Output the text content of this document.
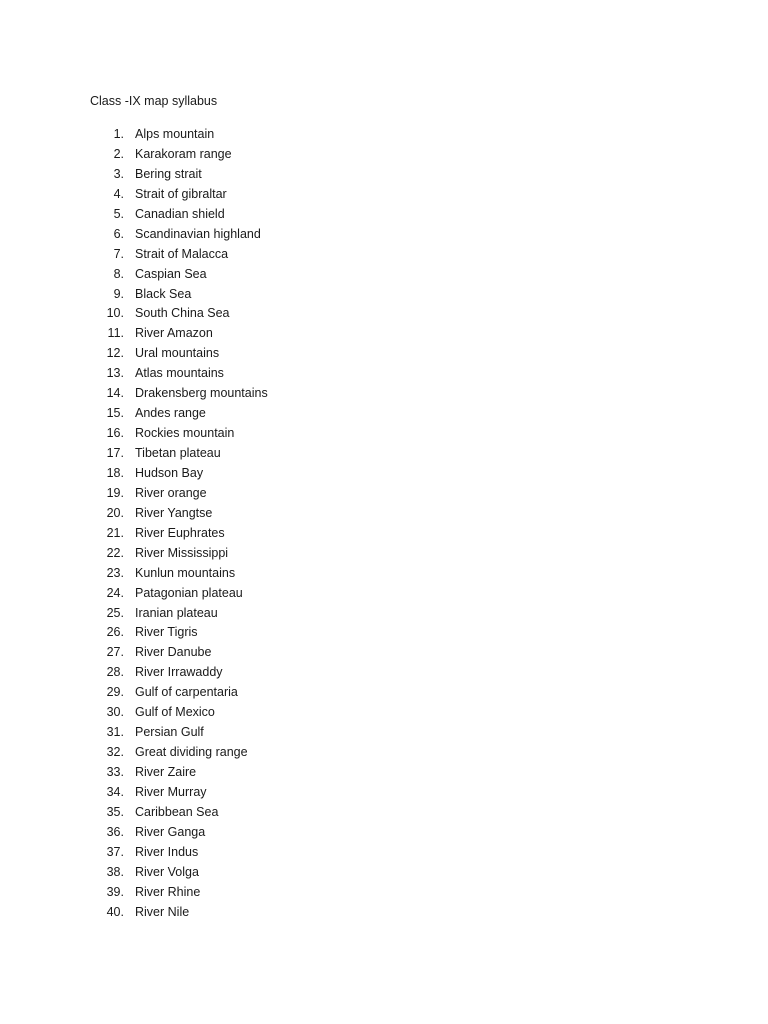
Class -IX map syllabus
1. Alps mountain
2. Karakoram range
3. Bering strait
4. Strait of gibraltar
5. Canadian shield
6. Scandinavian highland
7. Strait of Malacca
8. Caspian Sea
9. Black Sea
10. South China Sea
11. River Amazon
12. Ural mountains
13. Atlas mountains
14. Drakensberg mountains
15. Andes range
16. Rockies mountain
17. Tibetan plateau
18. Hudson Bay
19. River orange
20. River Yangtse
21. River Euphrates
22. River Mississippi
23. Kunlun mountains
24. Patagonian plateau
25. Iranian plateau
26. River Tigris
27. River Danube
28. River Irrawaddy
29. Gulf of carpentaria
30. Gulf of Mexico
31. Persian Gulf
32. Great dividing range
33. River Zaire
34. River Murray
35. Caribbean Sea
36. River Ganga
37. River Indus
38. River Volga
39. River Rhine
40. River Nile
